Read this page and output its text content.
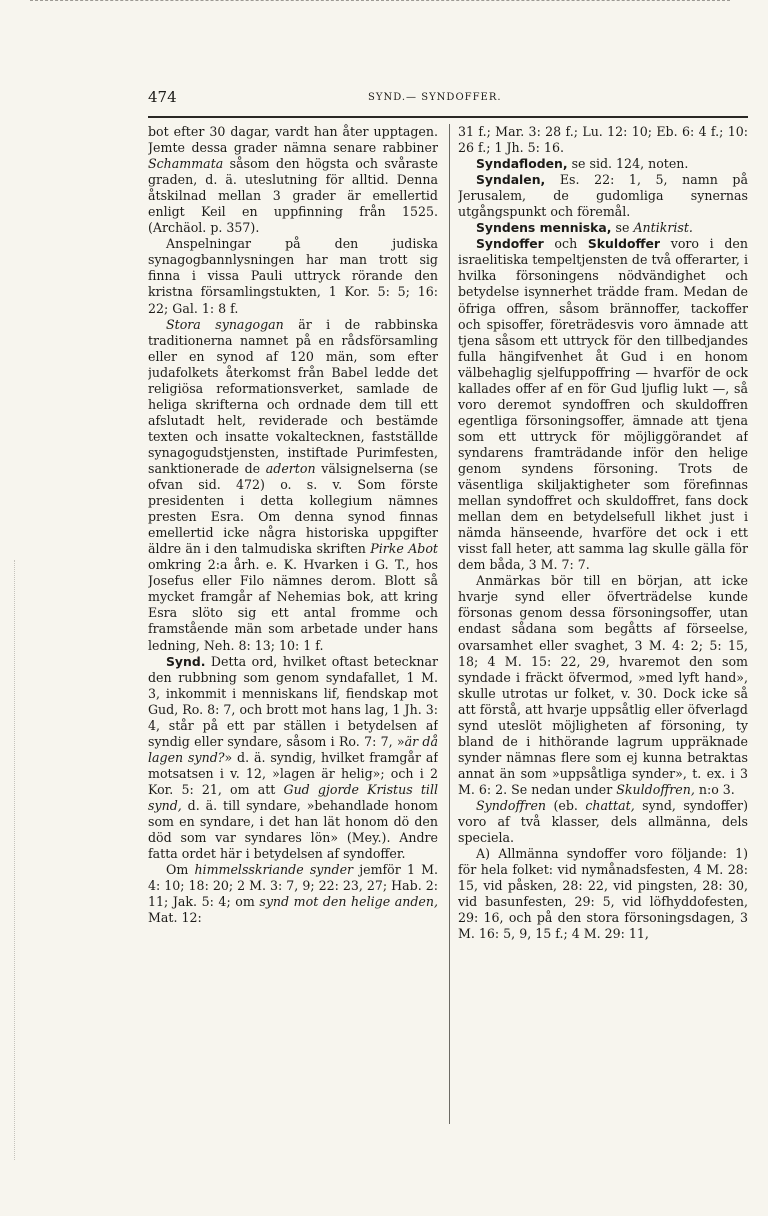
474	SYND.— SYNDOFFER.

bot efter 30 dagar, vardt han åter upptagen. Jemte dessa grader nämna senare rabbiner Schammata såsom den högsta och svåraste graden, d. ä. uteslutning för alltid. Denna åtskilnad mellan 3 grader är emellertid enligt Keil en uppfinning från 1525. (Archäol. p. 357).

Anspelningar på den judiska synagogbannlysningen har man trott sig finna i vissa Pauli uttryck rörande den kristna församlingstukten, 1 Kor. 5: 5; 16: 22; Gal. 1: 8 f.

Stora synagogan är i de rabbinska traditionerna namnet på en rådsförsamling eller en synod af 120 män, som efter judafolkets återkomst från Babel ledde det religiösa reformationsverket, samlade de heliga skrifterna och ordnade dem till ett afslutadt helt, reviderade och bestämde texten och insatte vokaltecknen, fastställde synagogudstjensten, instiftade Purimfesten, sanktionerade de aderton välsignelserna (se ofvan sid. 472) o. s. v. Som förste presidenten i detta kollegium nämnes presten Esra. Om denna synod finnas emellertid icke några historiska uppgifter äldre än i den talmudiska skriften Pirke Abot omkring 2:a årh. e. K. Hvarken i G. T., hos Josefus eller Filo nämnes derom. Blott så mycket framgår af Nehemias bok, att kring Esra slöto sig ett antal fromme och framstående män som arbetade under hans ledning, Neh. 8: 13; 10: 1 f.

Synd. Detta ord, hvilket oftast betecknar den rubbning som genom syndafallet, 1 M. 3, inkommit i menniskans lif, fiendskap mot Gud, Ro. 8: 7, och brott mot hans lag, 1 Jh. 3: 4, står på ett par ställen i betydelsen af syndig eller syndare, såsom i Ro. 7: 7, »är då lagen synd?» d. ä. syndig, hvilket framgår af motsatsen i v. 12, »lagen är helig»; och i 2 Kor. 5: 21, om att Gud gjorde Kristus till synd, d. ä. till syndare, »behandlade honom som en syndare, i det han lät honom dö den död som var syndares lön» (Mey.). Andre fatta ordet här i betydelsen af syndoffer.

Om himmelsskriande synder jemför 1 M. 4: 10; 18: 20; 2 M. 3: 7, 9; 22: 23, 27; Hab. 2: 11; Jak. 5: 4; om synd mot den helige anden, Mat. 12:

31 f.; Mar. 3: 28 f.; Lu. 12: 10; Eb. 6: 4 f.; 10: 26 f.; 1 Jh. 5: 16.

Syndafloden, se sid. 124, noten.

Syndalen, Es. 22: 1, 5, namn på Jerusalem, de gudomliga synernas utgångspunkt och föremål.

Syndens menniska, se Antikrist.

Syndoffer och Skuldoffer voro i den israelitiska tempeltjensten de två offerarter, i hvilka försoningens nödvändighet och betydelse isynnerhet trädde fram. Medan de öfriga offren, såsom brännoffer, tackoffer och spisoffer, företrädesvis voro ämnade att tjena såsom ett uttryck för den tillbedjandes fulla hängifvenhet åt Gud i en honom välbehaglig sjelfuppoffring — hvarför de ock kallades offer af en för Gud ljuflig lukt —, så voro deremot syndoffren och skuldoffren egentliga försoningsoffer, ämnade att tjena som ett uttryck för möjliggörandet af syndarens framträdande inför den helige genom syndens försoning. Trots de väsentliga skiljaktigheter som förefinnas mellan syndoffret och skuldoffret, fans dock mellan dem en betydelsefull likhet just i nämda hänseende, hvarföre det ock i ett visst fall heter, att samma lag skulle gälla för dem båda, 3 M. 7: 7.

Anmärkas bör till en början, att icke hvarje synd eller öfverträdelse kunde försonas genom dessa försoningsoffer, utan endast sådana som begåtts af förseelse, ovarsamhet eller svaghet, 3 M. 4: 2; 5: 15, 18; 4 M. 15: 22, 29, hvaremot den som syndade i fräckt öfvermod, »med lyft hand», skulle utrotas ur folket, v. 30. Dock icke så att förstå, att hvarje uppsåtlig eller öfverlagd synd uteslöt möjligheten af försoning, ty bland de i hithörande lagrum uppräknade synder nämnas flere som ej kunna betraktas annat än som »uppsåtliga synder», t. ex. i 3 M. 6: 2. Se nedan under Skuldoffren, n:o 3.

Syndoffren (eb. chattat, synd, syndoffer) voro af två klasser, dels allmänna, dels speciela.

A) Allmänna syndoffer voro följande: 1) för hela folket: vid nymånadsfesten, 4 M. 28: 15, vid påsken, 28: 22, vid pingsten, 28: 30, vid basunfesten, 29: 5, vid löfhyddofesten, 29: 16, och på den stora försoningsdagen, 3 M. 16: 5, 9, 15 f.; 4 M. 29: 11,
